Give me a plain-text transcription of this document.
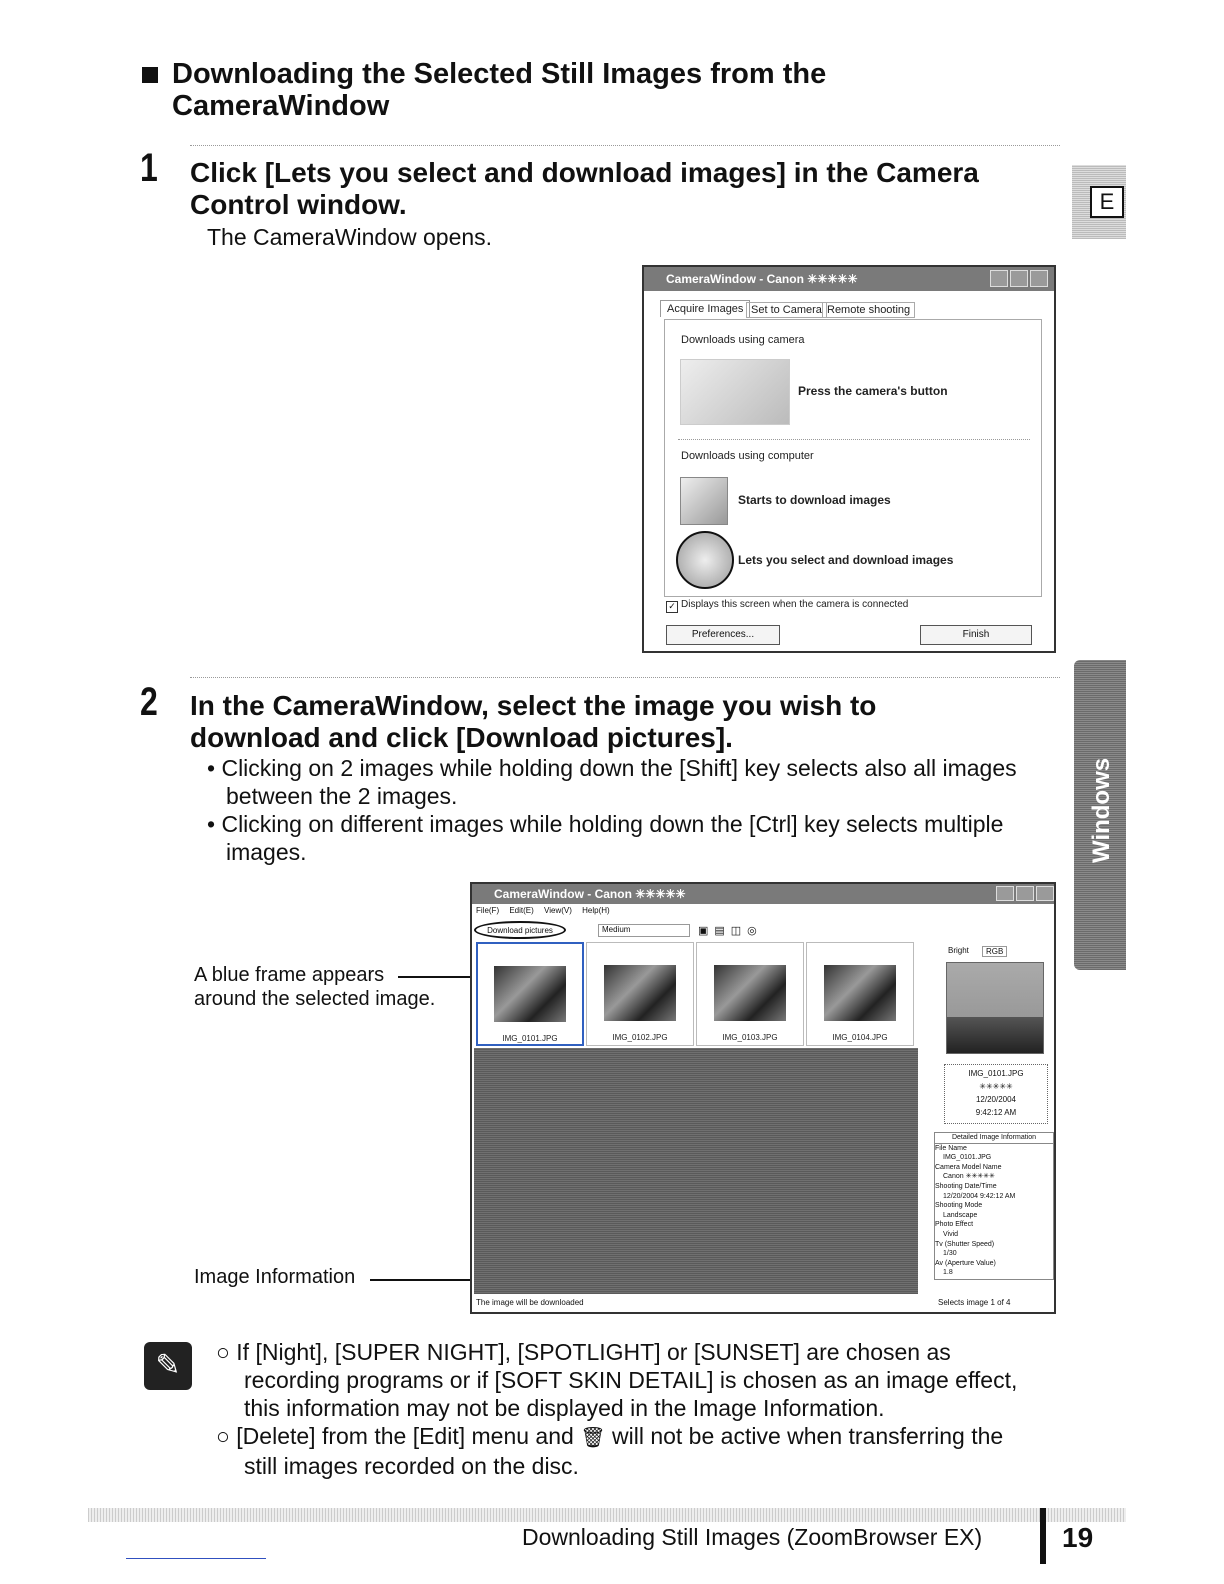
Downloading the Selected Still Images from the
CameraWindow
1 Click [Lets you select and download images] in the Camera
Control window.
The CameraWindow opens.
E
Windows
CameraWindow - Canon ✳✳✳✳✳
Acquire Images Set to Camera Remote shooting
Downloads using camera
Press the camera's button
Downloads using computer
Starts to download images
Lets you select and download images
✓ Displays this screen when the camera is connected
Preferences...	Finish
2 In the CameraWindow, select the image you wish to
download and click [Download pictures].
• Clicking on 2 images while holding down the [Shift] key selects also all images
between the 2 images.
• Clicking on different images while holding down the [Ctrl] key selects multiple
images.
A blue frame appears
around the selected image.
Image Information
CameraWindow - Canon ✳✳✳✳✳
File(F) Edit(E) View(V) Help(H)
Download pictures	Medium	▣▤◫◎
IMG_0101.JPG	IMG_0102.JPG	IMG_0103.JPG	IMG_0104.JPG
Bright	RGB
IMG_0101.JPG
✳✳✳✳✳
12/20/2004
9:42:12 AM
Detailed Image Information
File Name
IMG_0101.JPG
Camera Model Name
Canon ✳✳✳✳✳
Shooting Date/Time
12/20/2004 9:42:12 AM
Shooting Mode
Landscape
Photo Effect
Vivid
Tv (Shutter Speed)
1/30
Av (Aperture Value)
1.8
The image will be downloaded	Selects image 1 of 4
✎	○ If [Night], [SUPER NIGHT], [SPOTLIGHT] or [SUNSET] are chosen as
recording programs or if [SOFT SKIN DETAIL] is chosen as an image effect,
this information may not be displayed in the Image Information.
○ [Delete] from the [Edit] menu and 🗑 will not be active when transferring the
still images recorded on the disc.
Downloading Still Images (ZoomBrowser EX)	19
